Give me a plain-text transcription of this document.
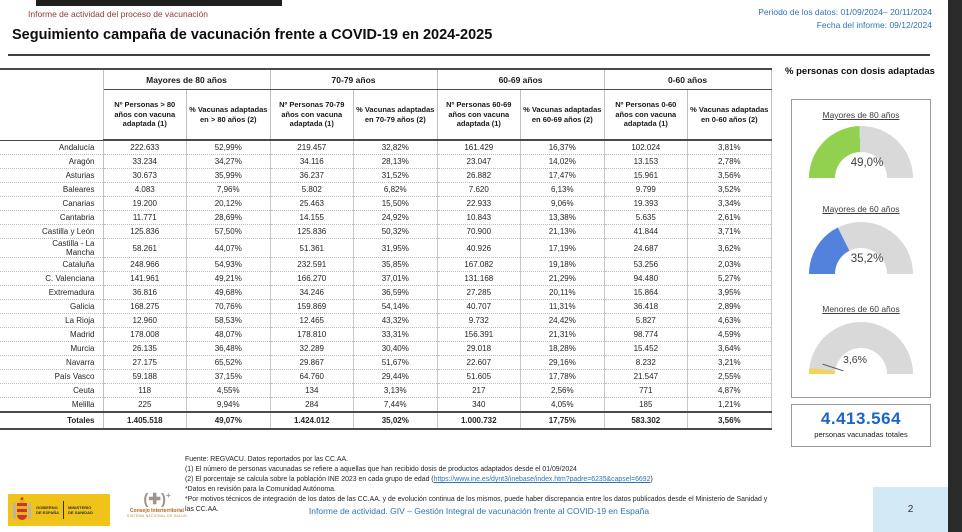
Informe de actividad del proceso de vacunación	Periodo de los datos: 01/09/2024– 20/11/2024
Fecha del informe: 09/12/2024
Seguimiento campaña de vacunación frente a COVID-19 en 2024-2025
	Mayores de 80 años		70-79 años		60-69 años		0-60 años	
	Nº Personas > 80 años con vacuna adaptada (1)	% Vacunas adaptadas en > 80 años (2)	Nº Personas 70-79 años con vacuna adaptada (1)	% Vacunas adaptadas en 70-79 años (2)	Nº Personas 60-69 años con vacuna adaptada (1)	% Vacunas adaptadas en 60-69 años (2)	Nº Personas 0-60 años con vacuna adaptada (1)	% Vacunas adaptadas en 0-60 años (2)
Andalucía	222.633	52,99%	219.457	32,82%	161.429	16,37%	102.024	3,81%
Aragón	33.234	34,27%	34.116	28,13%	23.047	14,02%	13.153	2,78%
Asturias	30.673	35,99%	36.237	31,52%	26.882	17,47%	15.961	3,56%
Baleares	4.083	7,96%	5.802	6,82%	7.620	6,13%	9.799	3,52%
Canarias	19.200	20,12%	25.463	15,50%	22.933	9,06%	19.393	3,34%
Cantabria	11.771	28,69%	14.155	24,92%	10.843	13,38%	5.635	2,61%
Castilla y León	125.836	57,50%	125.836	50,32%	70.900	21,13%	41.844	3,71%
Castilla - La Mancha	58.261	44,07%	51.361	31,95%	40.926	17,19%	24.687	3,62%
Cataluña	248.966	54,93%	232.591	35,85%	167.082	19,18%	53.256	2,03%
C. Valenciana	141.961	49,21%	166.270	37,01%	131.168	21,29%	94.480	5,27%
Extremadura	36.816	49,68%	34.246	36,59%	27.285	20,11%	15.864	3,95%
Galicia	168.275	70,76%	159.869	54,14%	40.707	11,31%	36.418	2,89%
La Rioja	12.960	58,53%	12.465	43,32%	9.732	24,42%	5.827	4,63%
Madrid	178.008	48,07%	178.810	33,31%	156.391	21,31%	98.774	4,59%
Murcia	26.135	36,48%	32.289	30,40%	29.018	18,28%	15.452	3,64%
Navarra	27.175	65,52%	29.867	51,67%	22.607	29,16%	8.232	3,21%
País Vasco	59.188	37,15%	64.760	29,44%	51.605	17,78%	21.547	2,55%
Ceuta	118	4,55%	134	3,13%	217	2,56%	771	4,87%
Melilla	225	9,94%	284	7,44%	340	4,05%	185	1,21%
Totales	1.405.518	49,07%	1.424.012	35,02%	1.000.732	17,75%	583.302	3,56%
% personas con dosis adaptadas
Mayores de 80 años
49,0%
Mayores de 60 años
35,2%
Menores de 60 años
3,6%
4.413.564
personas vacunadas totales
Fuente: REGVACU. Datos reportados por las CC.AA.
(1) El número de personas vacunadas se refiere a aquellas que han recibido dosis de productos adaptados desde el 01/09/2024
(2) El porcentaje se calcula sobre la población INE 2023 en cada grupo de edad (https://www.ine.es/dynt3/inebase/index.htm?padre=6235&capsel=6692)
*Datos en revisión para la Comunidad Autónoma.
*Por motivos técnicos de integración de los datos de las CC.AA. y de evolución continua de los mismos, puede haber discrepancia entre los datos publicados desde el Ministerio de Sanidad y las CC.AA.	Informe de actividad. GIV – Gestión Integral de vacunación frente al COVID-19 en España
GOBIERNO
DE ESPAÑA
MINISTERIO
DE SANIDAD
(✚)+
Consejo Interterritorial
SISTEMA NACIONAL DE SALUD
2
